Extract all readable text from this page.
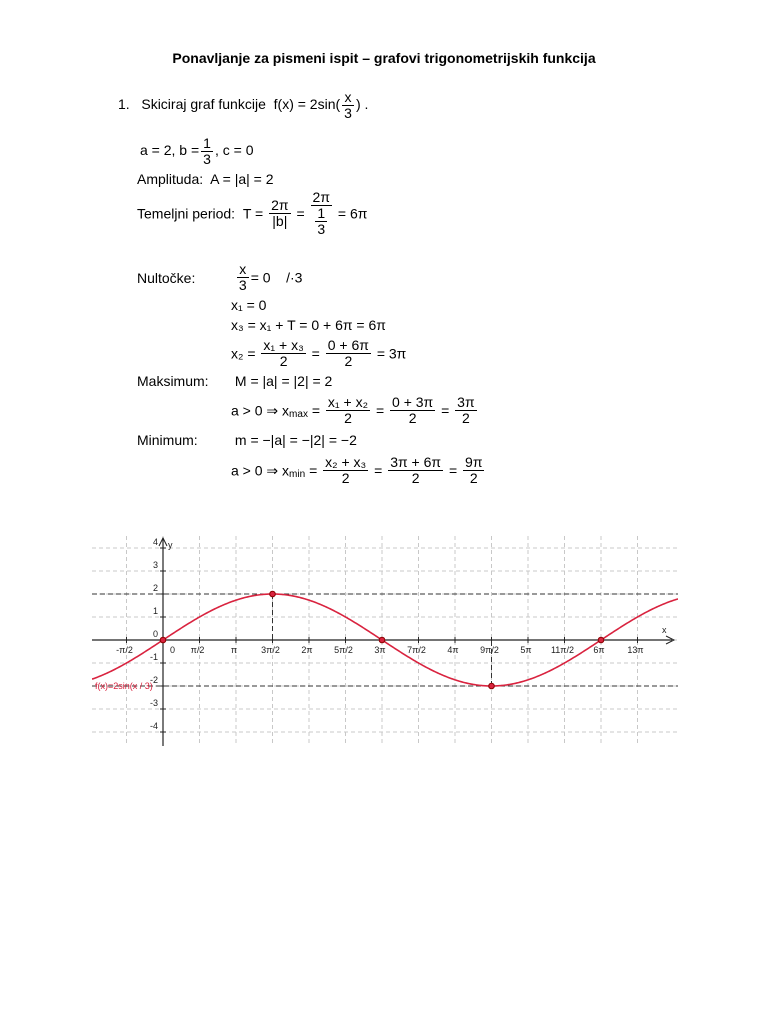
Ponavljanje za pismeni ispit – grafovi trigonometrijskih funkcija
1. Skiciraj graf funkcije $f(x) = 2\sin( \frac{x}{3}$ ) .
a = 2, $b = \frac{1}{3}$ , c = 0
Amplituda: A = |a| = 2
Temeljni period: $T = \frac{2\pi}{|b|} = \frac{2\pi}{\frac{1}{3}} = 6\pi$
Nultočke:	$\frac{x}{3} = 0$ /·3
x₁ = 0
x₃ = x₁ + T = 0 + 6π = 6π
$x_2 = \frac{\text{x₁ + x₃}}{2} = \frac{0 + 6\pi}{2} = 3\pi$
Maksimum: M = |a| = |2| = 2
a > 0 ⇒ $x_{max} = \frac{\text{x₁ + x₂}}{2} = \frac{0 + 3\pi}{2} = \frac{3\pi}{2}$
Minimum:	m = −|a| = −|2| = −2
a > 0 ⇒ $x_{min} = \frac{\text{x₂ + x₃}}{2} = \frac{3\pi + 6\pi}{2} = \frac{9\pi}{2}$
-π/2	π/2	π	3π/2 2π 5π/2 3π 7π/2 4π 9π/2 5π 11π/2 6π	13π
0
4
3
2
1
0
-1
-2
-3
-4
x
y
f(x)=2sin(x / 3)
